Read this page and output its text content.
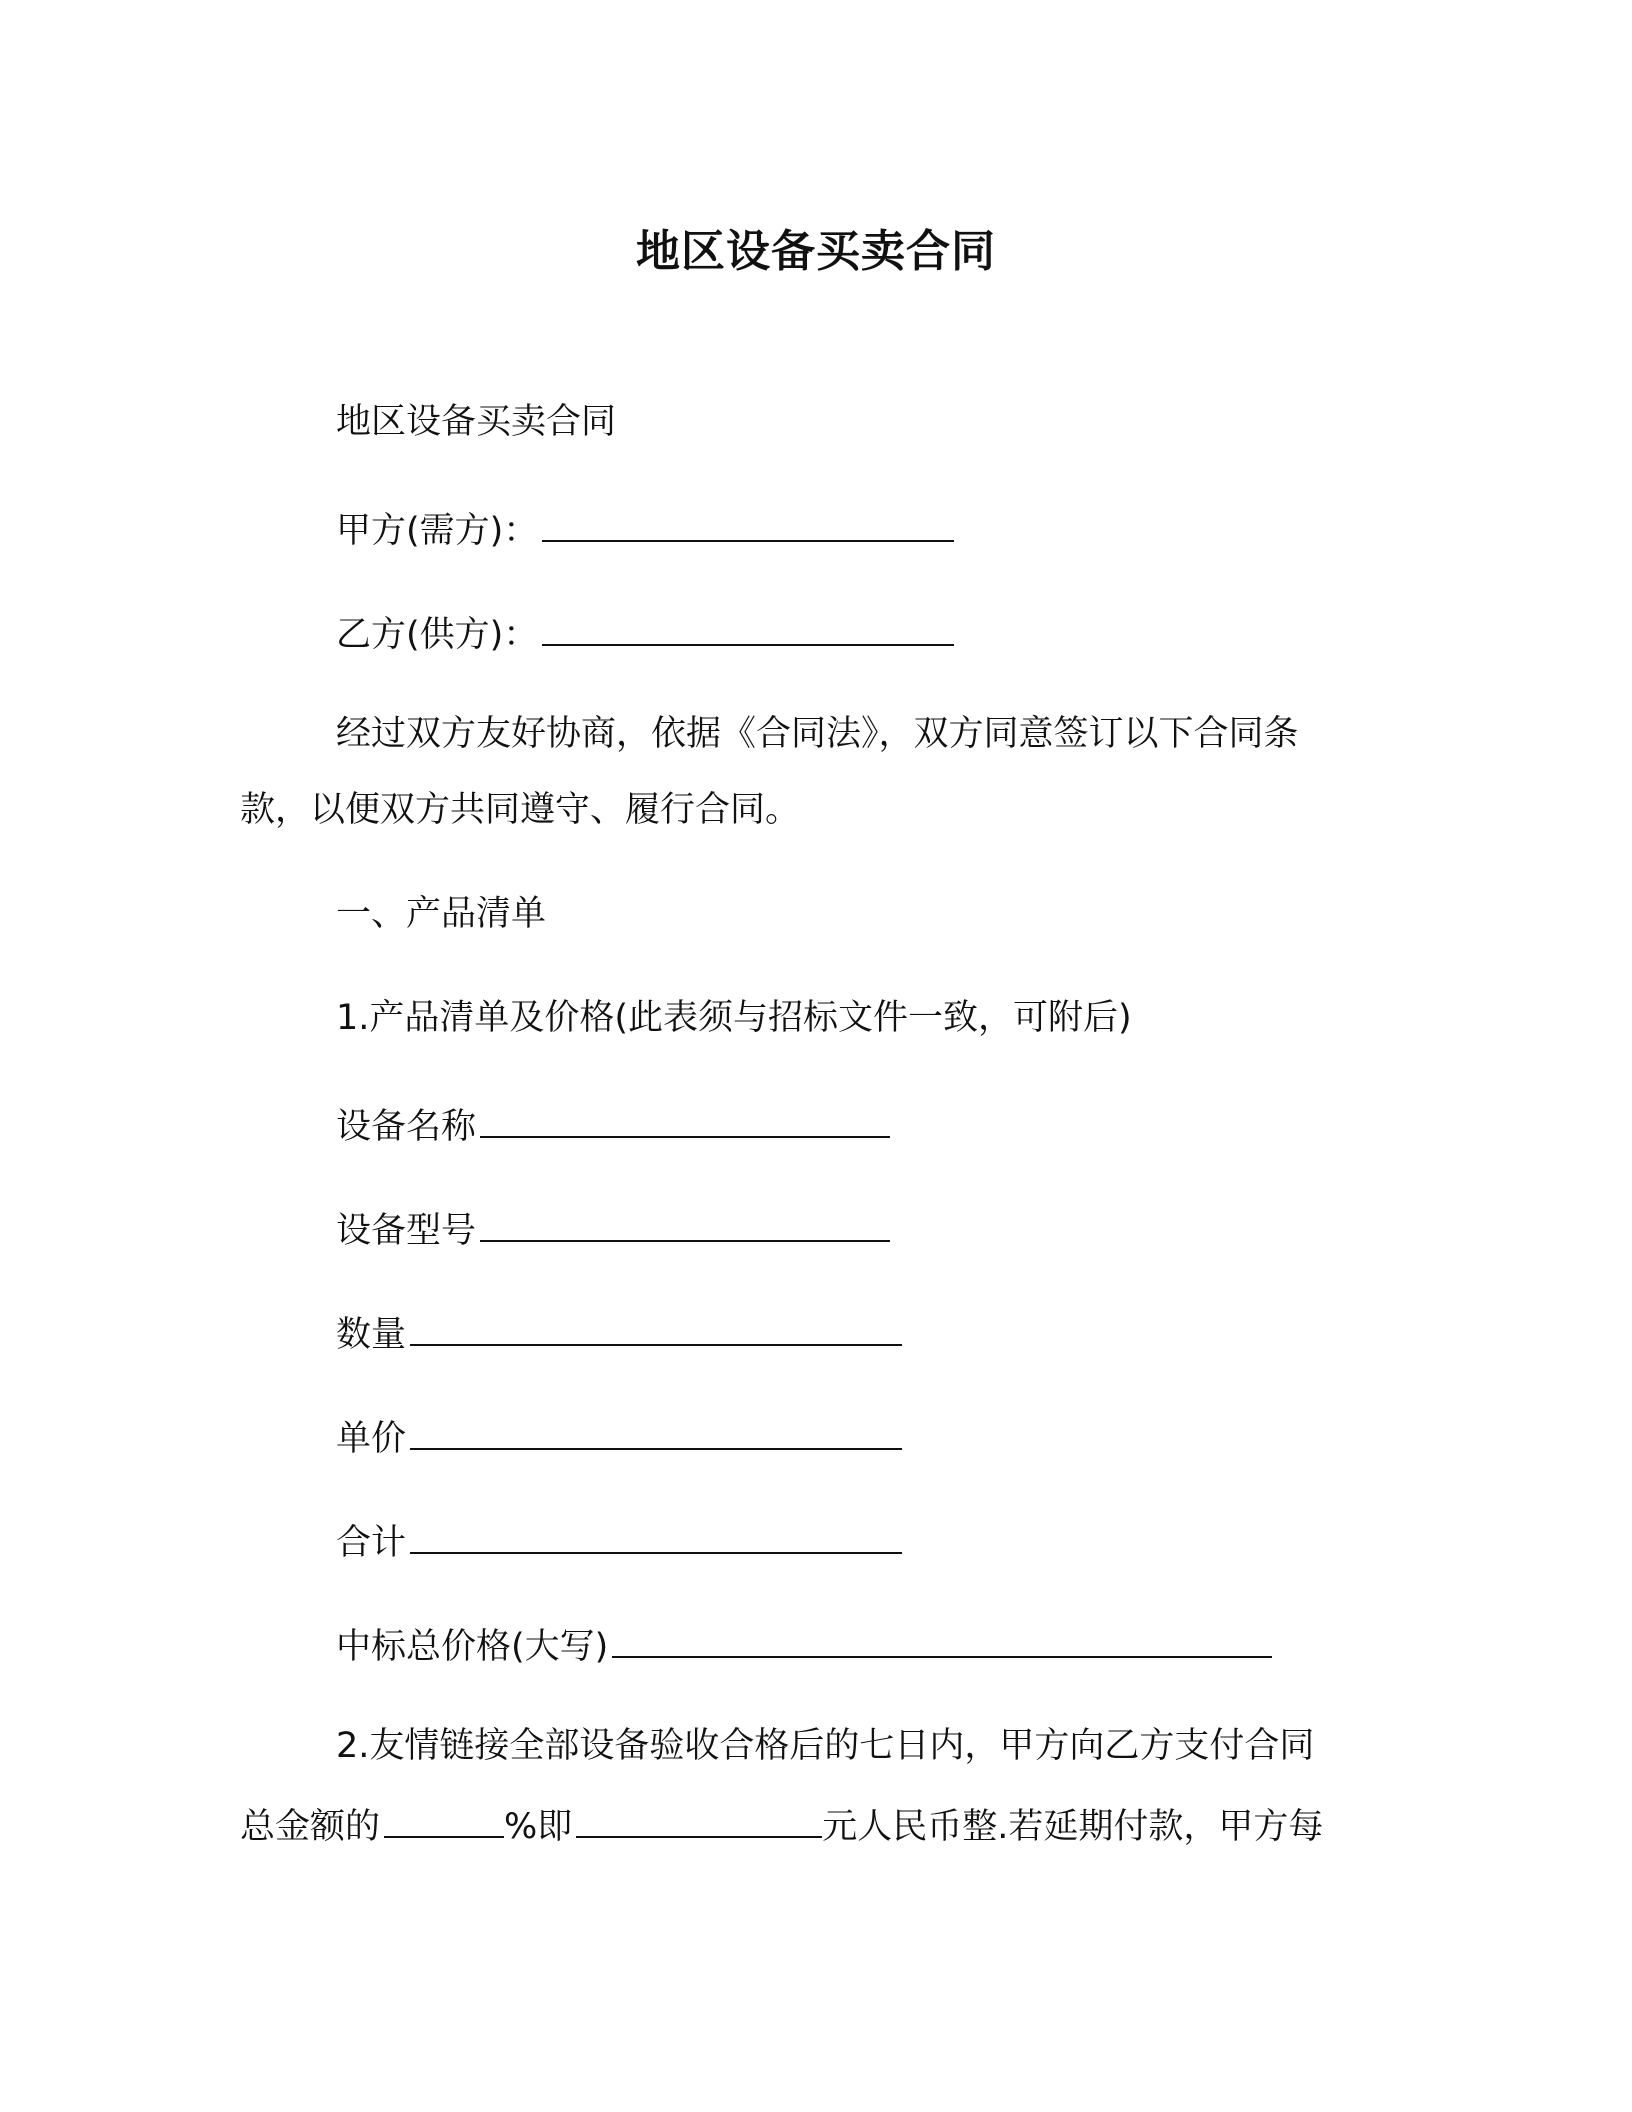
地区设备买卖合同
地区设备买卖合同
甲方(需方)：
乙方(供方)：
经过双方友好协商，依据《合同法》，双方同意签订以下合同条
款，以便双方共同遵守、履行合同。
一、产品清单
1.产品清单及价格(此表须与招标文件一致，可附后)
设备名称
设备型号
数量
单价
合计
中标总价格(大写)
2.友情链接全部设备验收合格后的七日内，甲方向乙方支付合同
总金额的	%即	元人民币整.若延期付款，甲方每
